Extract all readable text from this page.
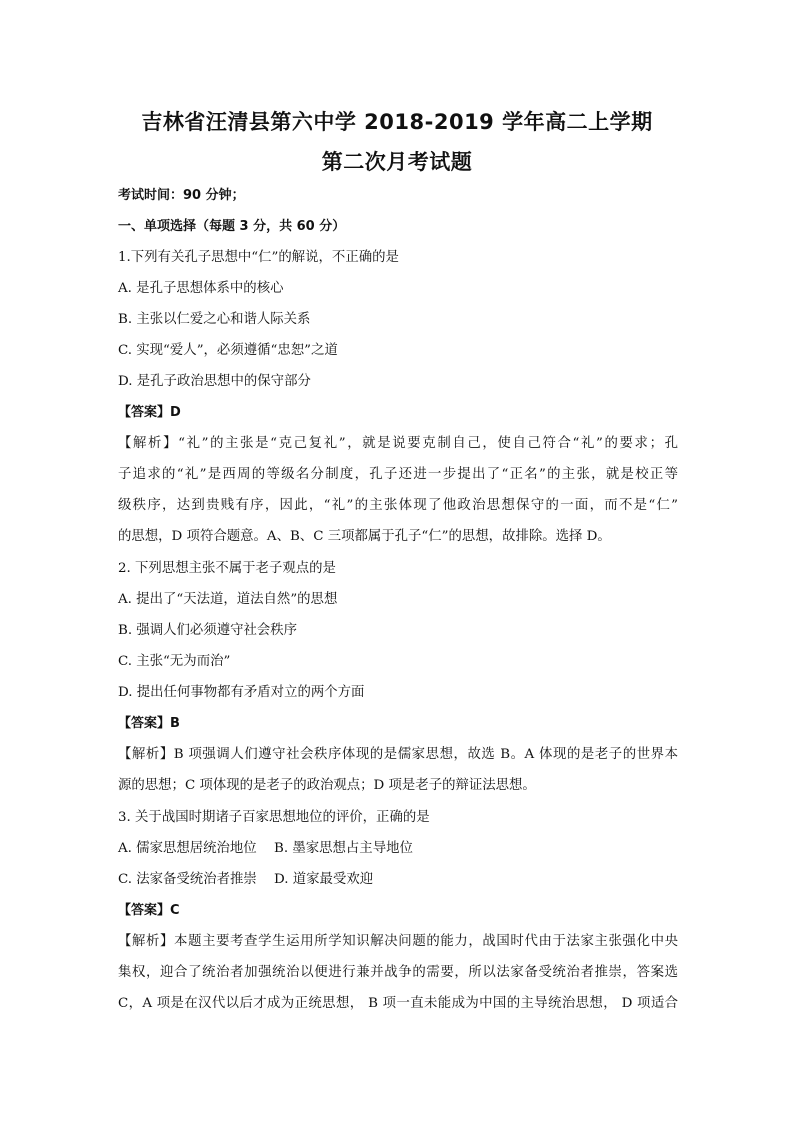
吉林省汪清县第六中学 2018-2019 学年高二上学期
第二次月考试题
考试时间：90 分钟；
一、单项选择（每题 3 分，共 60 分）
1.下列有关孔子思想中“仁”的解说，不正确的是
A. 是孔子思想体系中的核心
B. 主张以仁爱之心和谐人际关系
C. 实现“爱人”，必须遵循“忠恕”之道
D. 是孔子政治思想中的保守部分
【答案】D
【解析】“礼”的主张是“克己复礼”，就是说要克制自己，使自己符合“礼”的要求；孔
子追求的“礼”是西周的等级名分制度，孔子还进一步提出了“正名”的主张，就是校正等
级秩序，达到贵贱有序，因此，“礼”的主张体现了他政治思想保守的一面，而不是“仁”
的思想，D 项符合题意。A、B、C 三项都属于孔子“仁”的思想，故排除。选择 D。
2. 下列思想主张不属于老子观点的是
A. 提出了“天法道，道法自然”的思想
B. 强调人们必须遵守社会秩序
C. 主张“无为而治”
D. 提出任何事物都有矛盾对立的两个方面
【答案】B
【解析】B 项强调人们遵守社会秩序体现的是儒家思想，故选 B。A 体现的是老子的世界本
源的思想；C 项体现的是老子的政治观点；D 项是老子的辩证法思想。
3. 关于战国时期诸子百家思想地位的评价，正确的是
A. 儒家思想居统治地位 B. 墨家思想占主导地位
C. 法家备受统治者推崇 D. 道家最受欢迎
【答案】C
【解析】本题主要考查学生运用所学知识解决问题的能力，战国时代由于法家主张强化中央
集权，迎合了统治者加强统治以便进行兼并战争的需要，所以法家备受统治者推崇，答案选
C，A 项是在汉代以后才成为正统思想， B 项一直未能成为中国的主导统治思想， D 项适合
